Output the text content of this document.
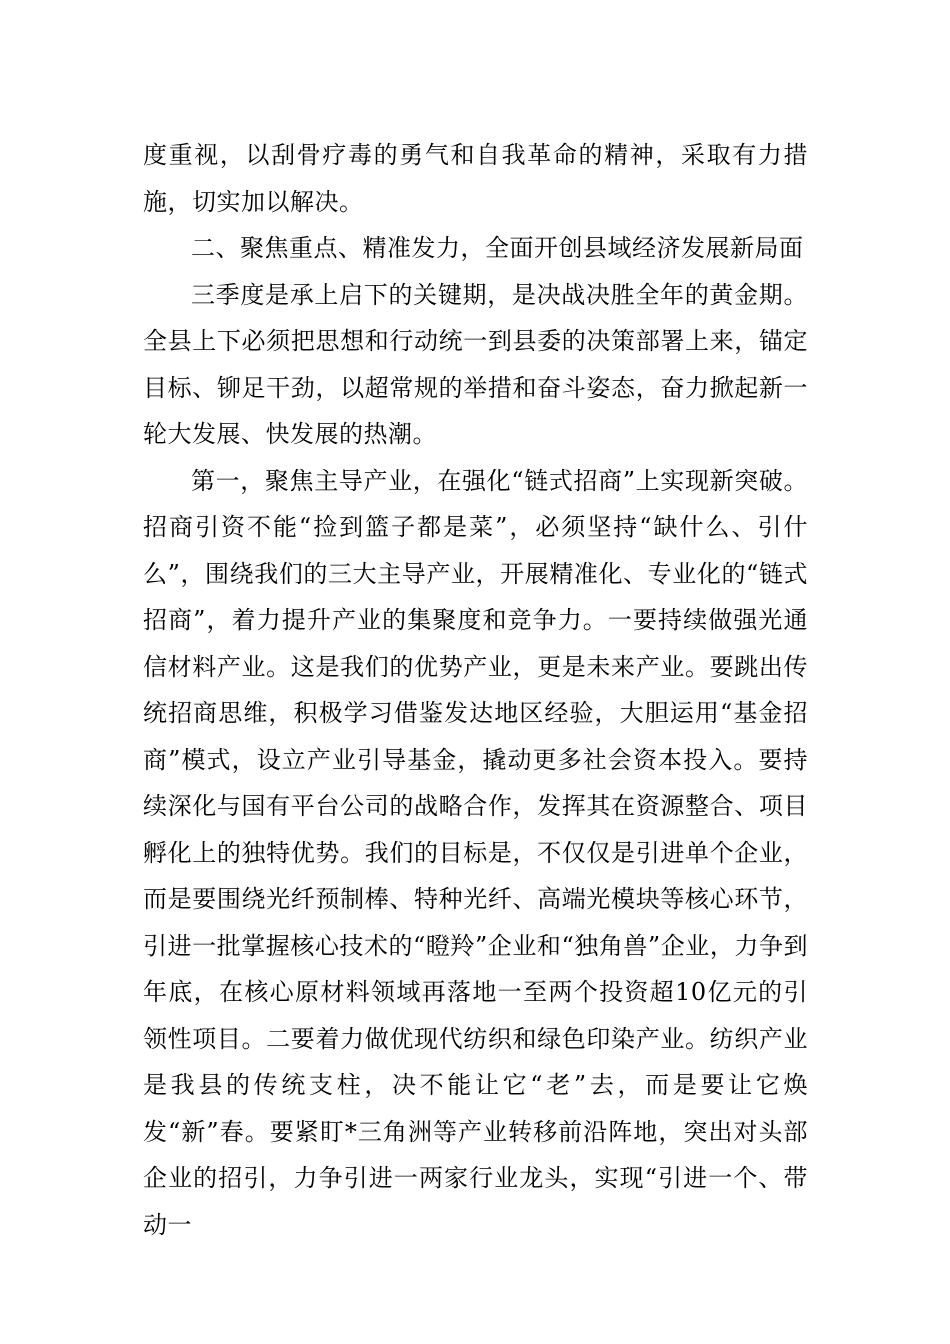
度重视，以刮骨疗毒的勇气和自我革命的精神，采取有力措施，切实加以解决。

二、聚焦重点、精准发力，全面开创县域经济发展新局面

三季度是承上启下的关键期，是决战决胜全年的黄金期。全县上下必须把思想和行动统一到县委的决策部署上来，锚定目标、铆足干劲，以超常规的举措和奋斗姿态，奋力掀起新一轮大发展、快发展的热潮。

第一，聚焦主导产业，在强化“链式招商”上实现新突破。招商引资不能“捡到篮子都是菜”，必须坚持“缺什么、引什么”，围绕我们的三大主导产业，开展精准化、专业化的“链式招商”，着力提升产业的集聚度和竞争力。一要持续做强光通信材料产业。这是我们的优势产业，更是未来产业。要跳出传统招商思维，积极学习借鉴发达地区经验，大胆运用“基金招商”模式，设立产业引导基金，撬动更多社会资本投入。要持续深化与国有平台公司的战略合作，发挥其在资源整合、项目孵化上的独特优势。我们的目标是，不仅仅是引进单个企业，而是要围绕光纤预制棒、特种光纤、高端光模块等核心环节，引进一批掌握核心技术的“瞪羚”企业和“独角兽”企业，力争到年底，在核心原材料领域再落地一至两个投资超10亿元的引领性项目。二要着力做优现代纺织和绿色印染产业。纺织产业是我县的传统支柱，决不能让它“老”去，而是要让它焕发“新”春。要紧盯*三角洲等产业转移前沿阵地，突出对头部企业的招引，力争引进一两家行业龙头，实现“引进一个、带动一
